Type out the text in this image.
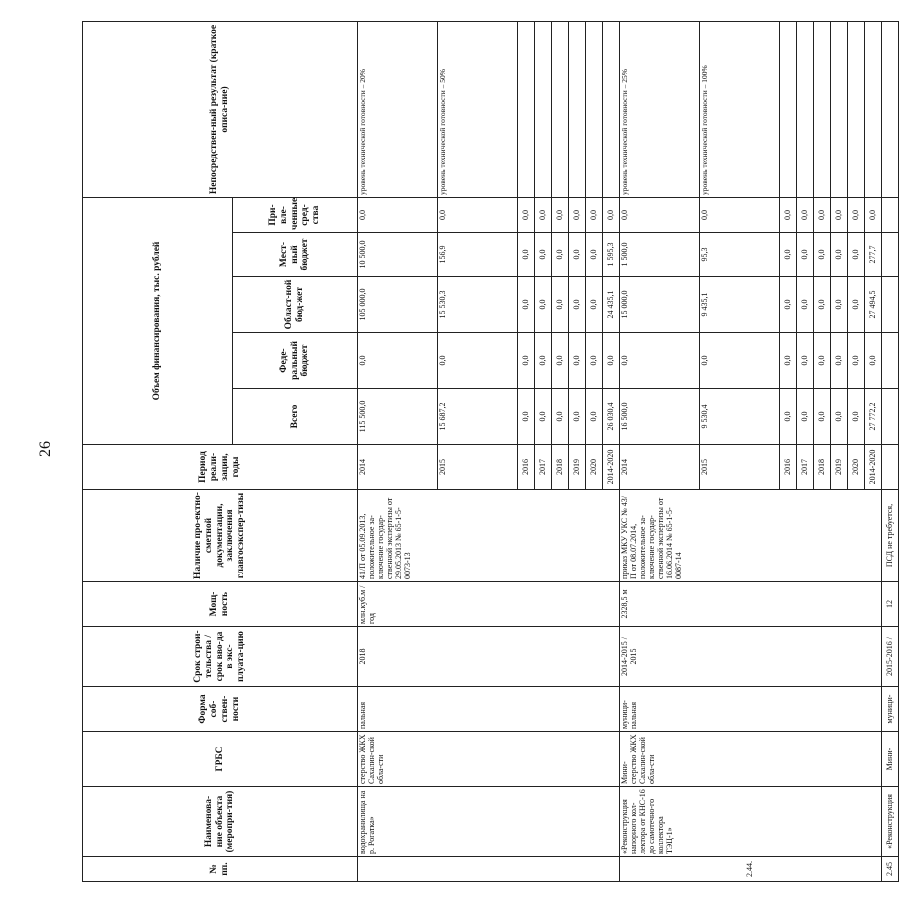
26
№ пп.	Наименова-ние объекта (меропри-тия)	ГРБС	Форма соб-ствен-ности	Срок строи-тельства / срок вво-да в экс-плуата-цию	Мощ-ность	Наличие про-ектно-сметной документации, заключения главгосэкспер-тизы	Период реали-зации, годы	Объем финансирования, тыс. рублей					Непосредствен-ный результат (краткое описа-ние)
								Всего	Феде-ральный бюджет	Област-ной бюд-жет	Мест-ный бюджет	При-вле-ченные сред-ства	
	водохранилища на р. Рогатка»	стерство ЖКХ Сахалин-ской обла-сти	пальная	2018	млн.куб.м /год	41/П от 05.09.2013, положительное за-ключение государ-ственной экспертизы от 29.05.2013 № 65-1-5-0073-13	2014	115 500,0	0,0	105 000,0	10 500,0	0,0	уровень технической готовности – 20%
							2015	15 687,2	0,0	15 530,3	156,9	0,0	уровень технической готовности – 50%
							2016	0,0	0,0	0,0	0,0	0,0	
							2017	0,0	0,0	0,0	0,0	0,0	
							2018	0,0	0,0	0,0	0,0	0,0	
							2019	0,0	0,0	0,0	0,0	0,0	
							2020	0,0	0,0	0,0	0,0	0,0	
							2014-2020	26 030,4	0,0	24 435,1	1 595,3	0,0	
2.44.	«Реконструкция напорного кол-лектора от КНС-16 до самотечно-го коллектора ТЭЦ-1»	Мини-стерство ЖКХ Сахалин-ской обла-сти	муници-пальная	2014-2015 / 2015	2328,5 м	приказ МКУ УКС № 43/П от 08.07.2014, положительное за-ключение государ-ственной экспертизы от 16.06.2014 № 65-1-5-0087-14	2014	16 500,0	0,0	15 000,0	1 500,0	0,0	уровень технической готовности – 25%
							2015	9 530,4	0,0	9 435,1	95,3	0,0	уровень технической готовности – 100%
							2016	0,0	0,0	0,0	0,0	0,0	
							2017	0,0	0,0	0,0	0,0	0,0	
							2018	0,0	0,0	0,0	0,0	0,0	
							2019	0,0	0,0	0,0	0,0	0,0	
							2020	0,0	0,0	0,0	0,0	0,0	
							2014-2020	27 772,2	0,0	27 494,5	277,7	0,0	
2.45	«Реконструкция	Мини-	муници-	2015-2016 /	12	ПСД не требуется,							
